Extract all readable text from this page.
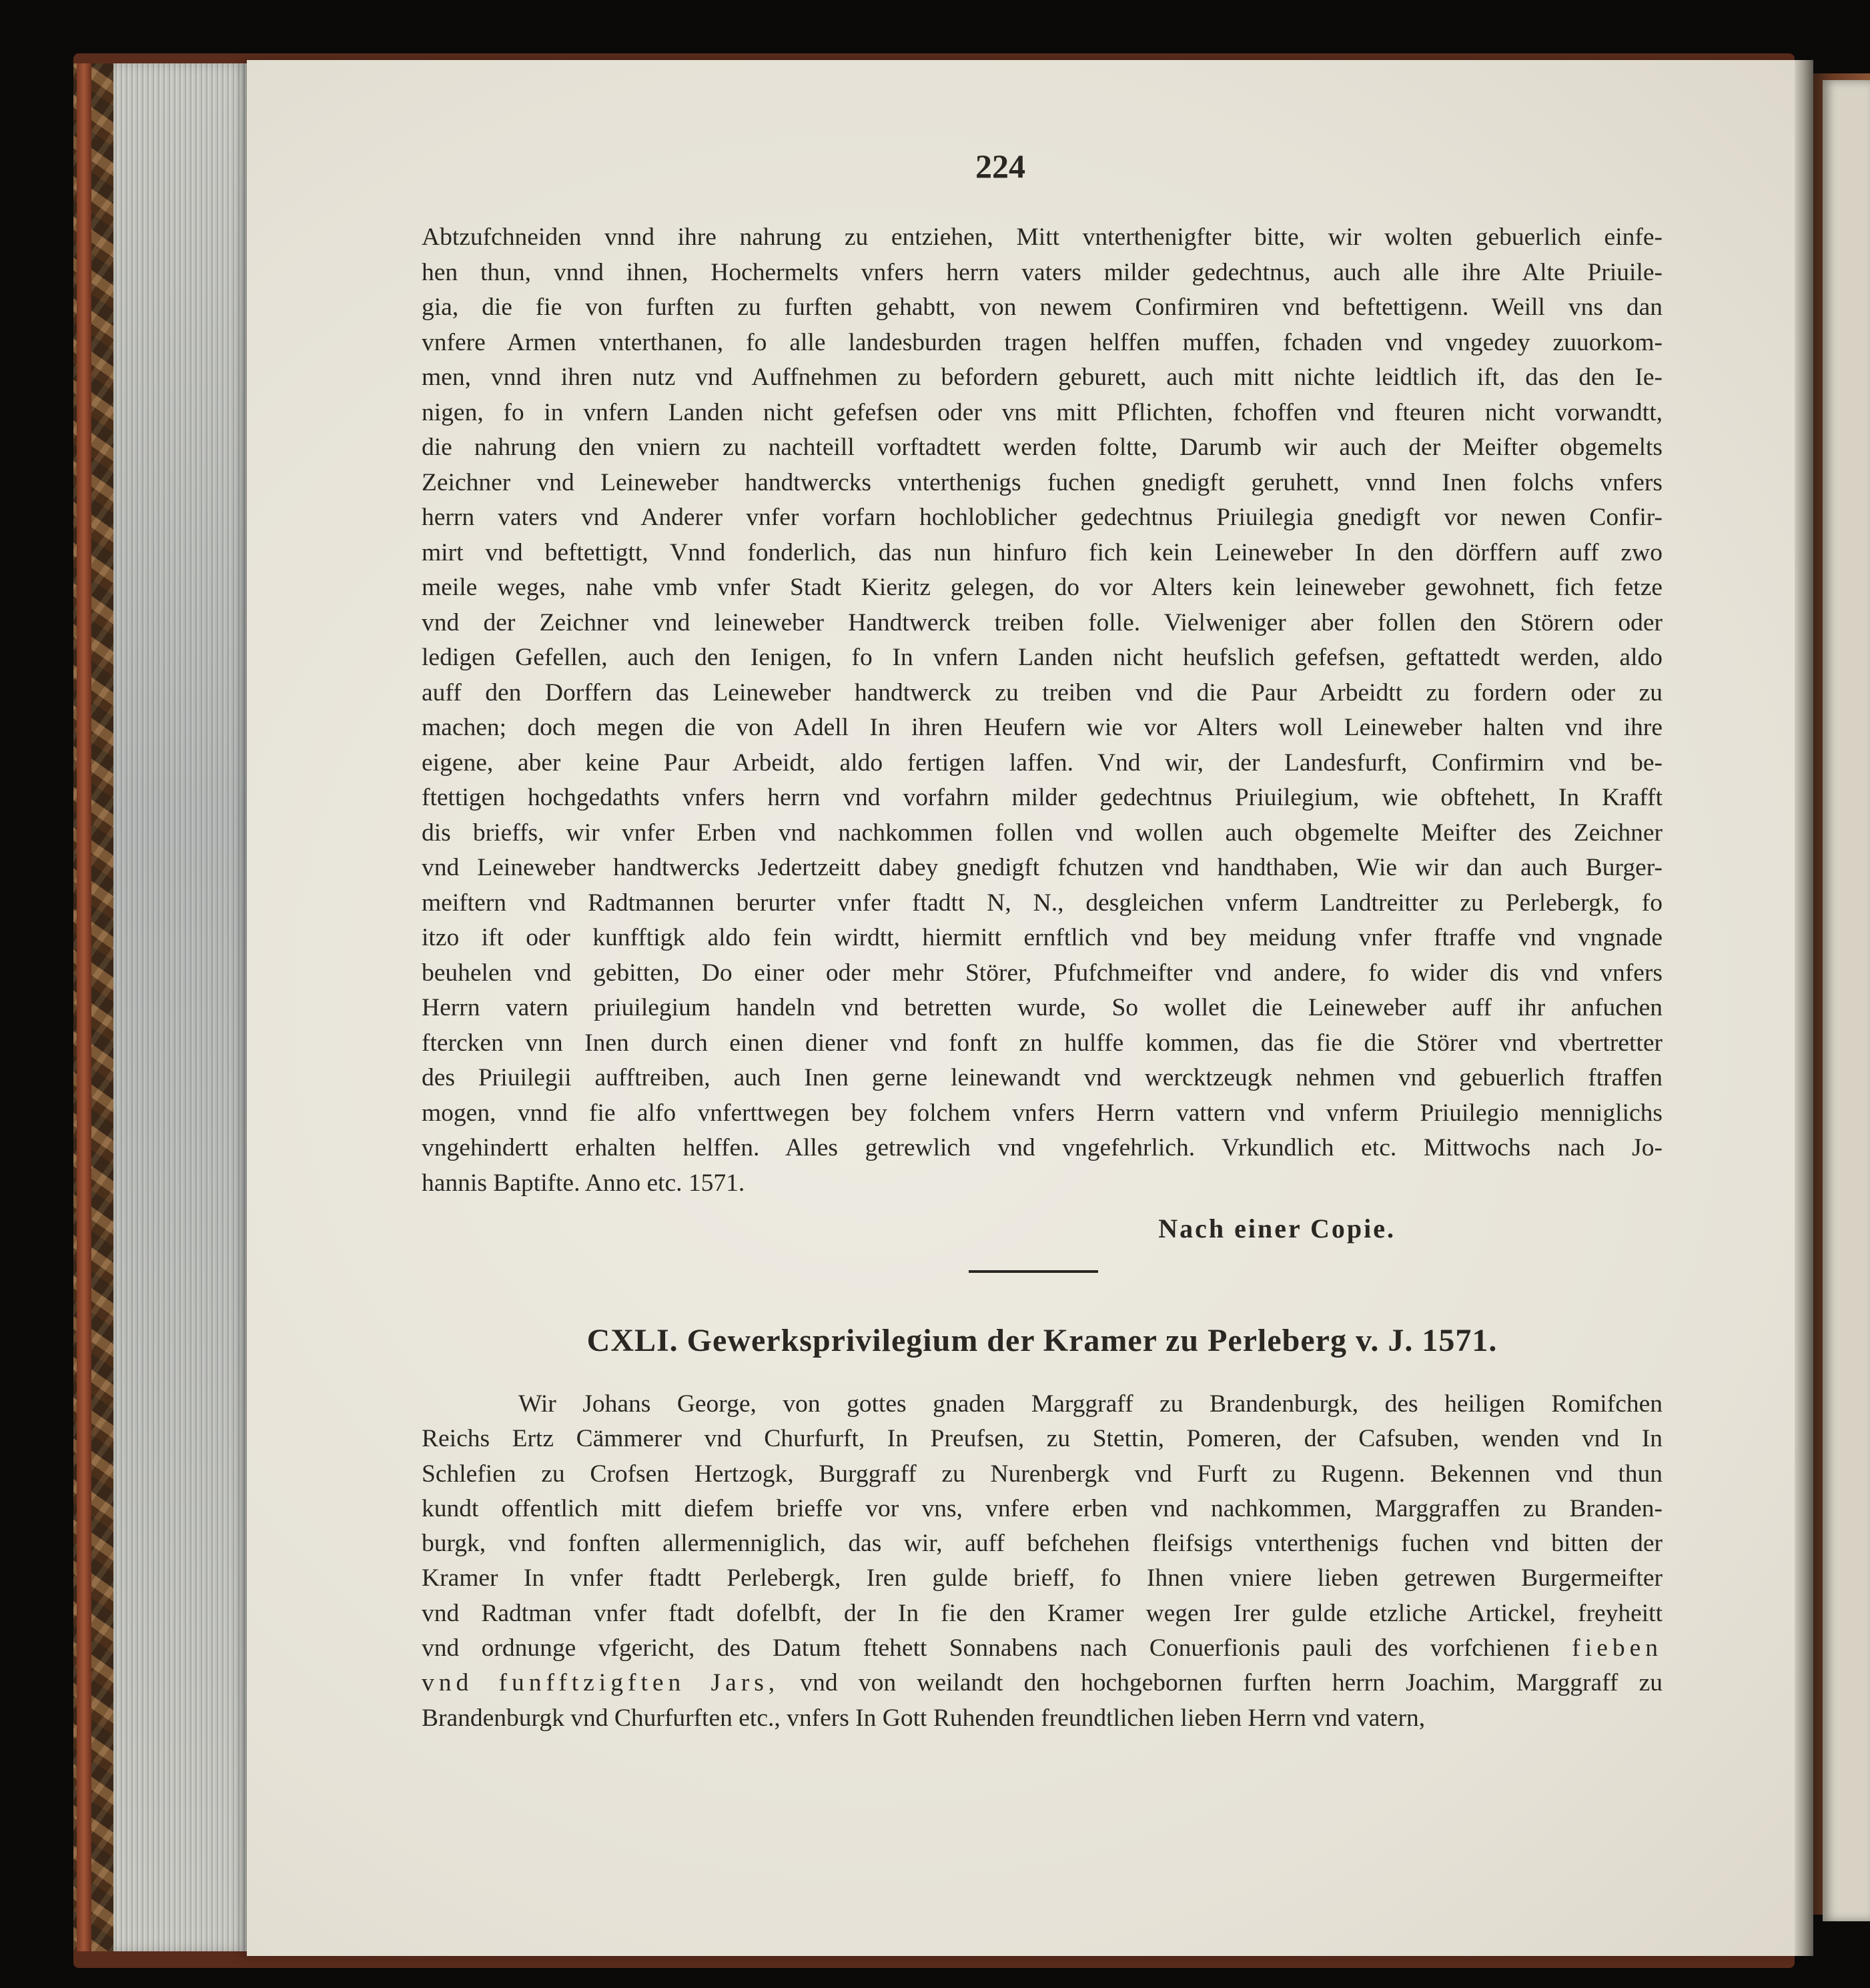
224
Abtzufchneiden vnnd ihre nahrung zu entziehen, Mitt vnterthenigfter bitte, wir wolten gebuerlich einfe-
hen thun, vnnd ihnen, Hochermelts vnfers herrn vaters milder gedechtnus, auch alle ihre Alte Priuile-
gia, die fie von furften zu furften gehabtt, von newem Confirmiren vnd beftettigenn. Weill vns dan
vnfere Armen vnterthanen, fo alle landesburden tragen helffen muffen, fchaden vnd vngedey zuuorkom-
men, vnnd ihren nutz vnd Auffnehmen zu befordern geburett, auch mitt nichte leidtlich ift, das den Ie-
nigen, fo in vnfern Landen nicht gefefsen oder vns mitt Pflichten, fchoffen vnd fteuren nicht vorwandtt,
die nahrung den vniern zu nachteill vorftadtett werden foltte, Darumb wir auch der Meifter obgemelts
Zeichner vnd Leineweber handtwercks vnterthenigs fuchen gnedigft geruhett, vnnd Inen folchs vnfers
herrn vaters vnd Anderer vnfer vorfarn hochloblicher gedechtnus Priuilegia gnedigft vor newen Confir-
mirt vnd beftettigtt, Vnnd fonderlich, das nun hinfuro fich kein Leineweber In den dörffern auff zwo
meile weges, nahe vmb vnfer Stadt Kieritz gelegen, do vor Alters kein leineweber gewohnett, fich fetze
vnd der Zeichner vnd leineweber Handtwerck treiben folle. Vielweniger aber follen den Störern oder
ledigen Gefellen, auch den Ienigen, fo In vnfern Landen nicht heufslich gefefsen, geftattedt werden, aldo
auff den Dorffern das Leineweber handtwerck zu treiben vnd die Paur Arbeidtt zu fordern oder zu
machen; doch megen die von Adell In ihren Heufern wie vor Alters woll Leineweber halten vnd ihre
eigene, aber keine Paur Arbeidt, aldo fertigen laffen. Vnd wir, der Landesfurft, Confirmirn vnd be-
ftettigen hochgedathts vnfers herrn vnd vorfahrn milder gedechtnus Priuilegium, wie obftehett, In Krafft
dis brieffs, wir vnfer Erben vnd nachkommen follen vnd wollen auch obgemelte Meifter des Zeichner
vnd Leineweber handtwercks Jedertzeitt dabey gnedigft fchutzen vnd handthaben, Wie wir dan auch Burger-
meiftern vnd Radtmannen berurter vnfer ftadtt N, N., desgleichen vnferm Landtreitter zu Perlebergk, fo
itzo ift oder kunfftigk aldo fein wirdtt, hiermitt ernftlich vnd bey meidung vnfer ftraffe vnd vngnade
beuhelen vnd gebitten, Do einer oder mehr Störer, Pfufchmeifter vnd andere, fo wider dis vnd vnfers
Herrn vatern priuilegium handeln vnd betretten wurde, So wollet die Leineweber auff ihr anfuchen
ftercken vnn Inen durch einen diener vnd fonft zn hulffe kommen, das fie die Störer vnd vbertretter
des Priuilegii aufftreiben, auch Inen gerne leinewandt vnd wercktzeugk nehmen vnd gebuerlich ftraffen
mogen, vnnd fie alfo vnferttwegen bey folchem vnfers Herrn vattern vnd vnferm Priuilegio menniglichs
vngehindertt erhalten helffen. Alles getrewlich vnd vngefehrlich. Vrkundlich etc. Mittwochs nach Jo-
hannis Baptifte. Anno etc. 1571.
Nach einer Copie.
CXLI. Gewerksprivilegium der Kramer zu Perleberg v. J. 1571.
Wir Johans George, von gottes gnaden Marggraff zu Brandenburgk, des heiligen Romifchen
Reichs Ertz Cämmerer vnd Churfurft, In Preufsen, zu Stettin, Pomeren, der Cafsuben, wenden vnd In
Schlefien zu Crofsen Hertzogk, Burggraff zu Nurenbergk vnd Furft zu Rugenn. Bekennen vnd thun
kundt offentlich mitt diefem brieffe vor vns, vnfere erben vnd nachkommen, Marggraffen zu Branden-
burgk, vnd fonften allermenniglich, das wir, auff befchehen fleifsigs vnterthenigs fuchen vnd bitten der
Kramer In vnfer ftadtt Perlebergk, Iren gulde brieff, fo Ihnen vniere lieben getrewen Burgermeifter
vnd Radtman vnfer ftadt dofelbft, der In fie den Kramer wegen Irer gulde etzliche Artickel, freyheitt
vnd ordnunge vfgericht, des Datum ftehett Sonnabens nach Conuerfionis pauli des vorfchienen fieben
vnd funfftzigften Jars, vnd von weilandt den hochgebornen furften herrn Joachim, Marggraff zu
Brandenburgk vnd Churfurften etc., vnfers In Gott Ruhenden freundtlichen lieben Herrn vnd vatern,
